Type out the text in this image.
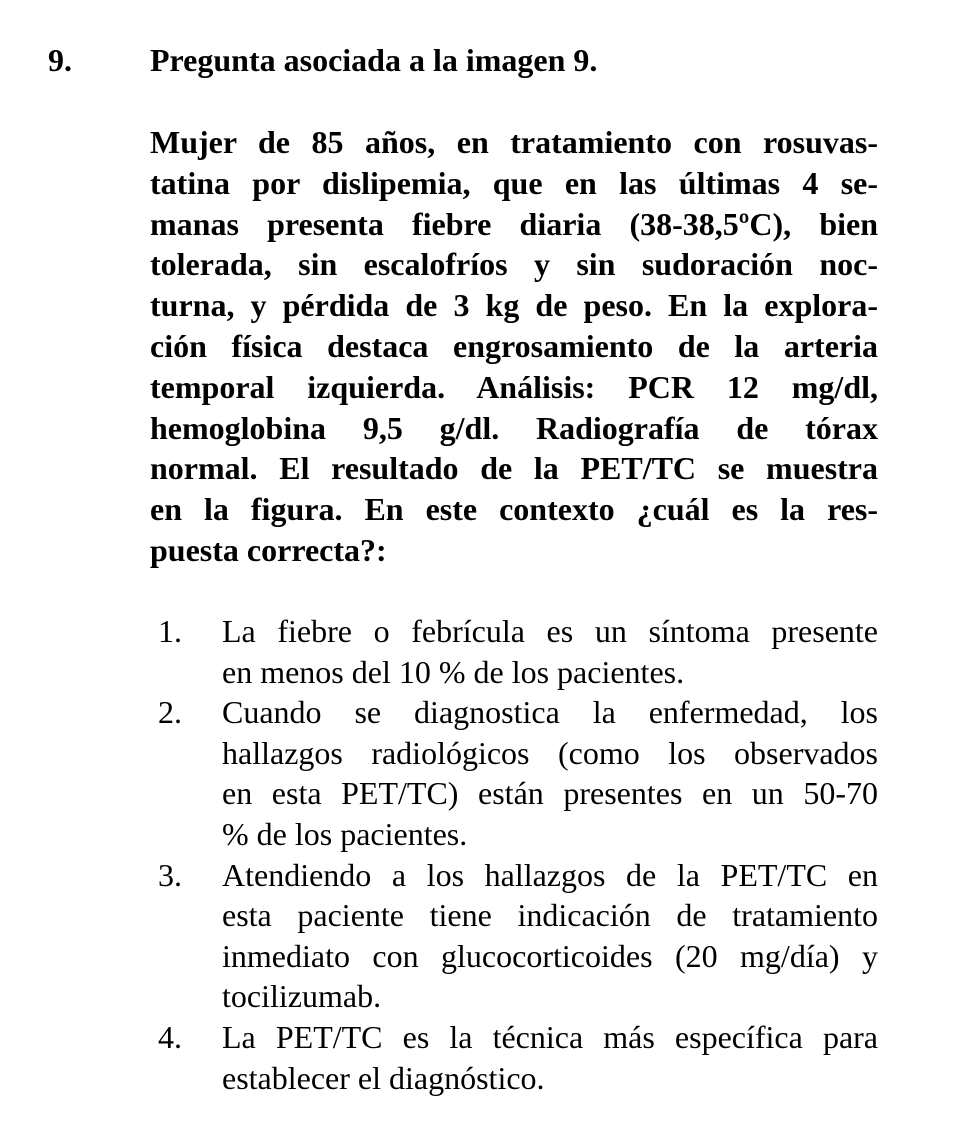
9. Pregunta asociada a la imagen 9.
Mujer de 85 años, en tratamiento con rosuvas-
tatina por dislipemia, que en las últimas 4 se-
manas presenta fiebre diaria (38-38,5ºC), bien
tolerada, sin escalofríos y sin sudoración noc-
turna, y pérdida de 3 kg de peso. En la explora-
ción física destaca engrosamiento de la arteria
temporal izquierda. Análisis: PCR 12 mg/dl,
hemoglobina 9,5 g/dl. Radiografía de tórax
normal. El resultado de la PET/TC se muestra
en la figura. En este contexto ¿cuál es la res-
puesta correcta?:
1. La fiebre o febrícula es un síntoma presente
en menos del 10 % de los pacientes.
2. Cuando se diagnostica la enfermedad, los
hallazgos radiológicos (como los observados
en esta PET/TC) están presentes en un 50-70
% de los pacientes.
3. Atendiendo a los hallazgos de la PET/TC en
esta paciente tiene indicación de tratamiento
inmediato con glucocorticoides (20 mg/día) y
tocilizumab.
4. La PET/TC es la técnica más específica para
establecer el diagnóstico.
